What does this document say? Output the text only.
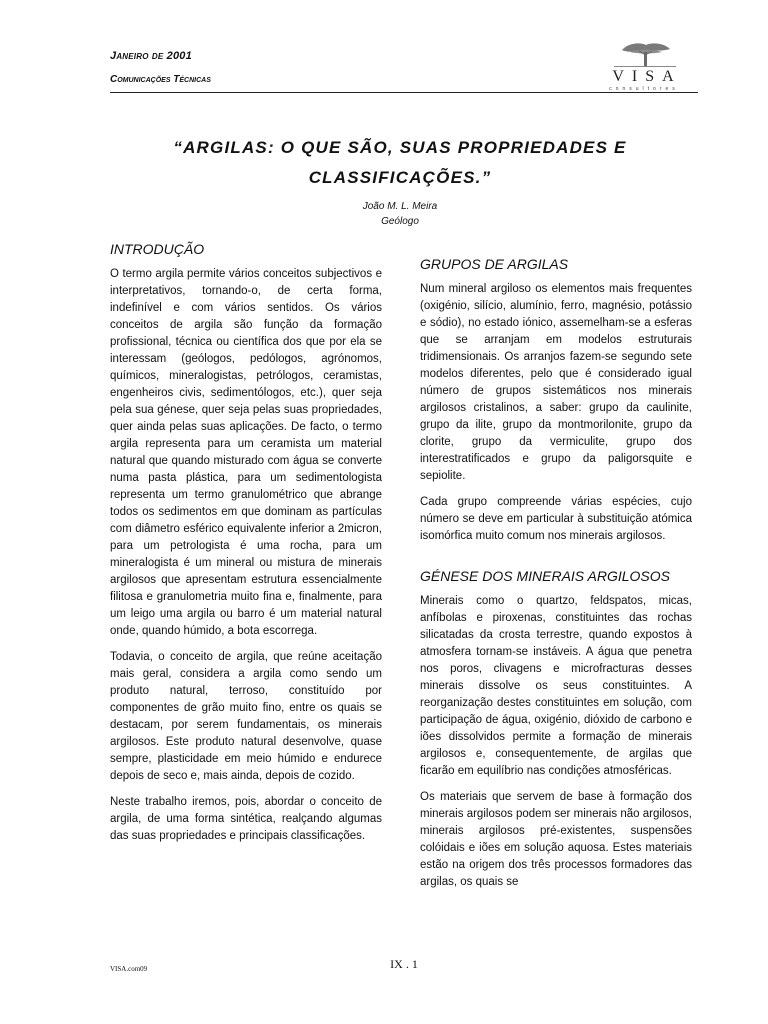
Janeiro de 2001
Comunicações Técnicas	VISA
consultores
“ARGILAS: O QUE SÃO, SUAS PROPRIEDADES E
CLASSIFICAÇÕES.”
João M. L. Meira
Geólogo
INTRODUÇÃO

O termo argila permite vários conceitos subjectivos e interpretativos, tornando-o, de certa forma, indefinível e com vários sentidos. Os vários conceitos de argila são função da formação profissional, técnica ou científica dos que por ela se interessam (geólogos, pedólogos, agrónomos, químicos, mineralogistas, petrólogos, ceramistas, engenheiros civis, sedimentólogos, etc.), quer seja pela sua génese, quer seja pelas suas propriedades, quer ainda pelas suas aplicações. De facto, o termo argila representa para um ceramista um material natural que quando misturado com água se converte numa pasta plástica, para um sedimentologista representa um termo granulométrico que abrange todos os sedimentos em que dominam as partículas com diâmetro esférico equivalente inferior a 2micron, para um petrologista é uma rocha, para um mineralogista é um mineral ou mistura de minerais argilosos que apresentam estrutura essencialmente filitosa e granulometria muito fina e, finalmente, para um leigo uma argila ou barro é um material natural onde, quando húmido, a bota escorrega.

Todavia, o conceito de argila, que reúne aceitação mais geral, considera a argila como sendo um produto natural, terroso, constituído por componentes de grão muito fino, entre os quais se destacam, por serem fundamentais, os minerais argilosos. Este produto natural desenvolve, quase sempre, plasticidade em meio húmido e endurece depois de seco e, mais ainda, depois de cozido.

Neste trabalho iremos, pois, abordar o conceito de argila, de uma forma sintética, realçando algumas das suas propriedades e principais classificações.

GRUPOS DE ARGILAS

Num mineral argiloso os elementos mais frequentes (oxigénio, silício, alumínio, ferro, magnésio, potássio e sódio), no estado iónico, assemelham-se a esferas que se arranjam em modelos estruturais tridimensionais. Os arranjos fazem-se segundo sete modelos diferentes, pelo que é considerado igual número de grupos sistemáticos nos minerais argilosos cristalinos, a saber: grupo da caulinite, grupo da ilite, grupo da montmorilonite, grupo da clorite, grupo da vermiculite, grupo dos interestratificados e grupo da paligorsquite e sepiolite.

Cada grupo compreende várias espécies, cujo número se deve em particular à substituição atómica isomórfica muito comum nos minerais argilosos.

GÉNESE DOS MINERAIS ARGILOSOS

Minerais como o quartzo, feldspatos, micas, anfíbolas e piroxenas, constituintes das rochas silicatadas da crosta terrestre, quando expostos à atmosfera tornam-se instáveis. A água que penetra nos poros, clivagens e microfracturas desses minerais dissolve os seus constituintes. A reorganização destes constituintes em solução, com participação de água, oxigénio, dióxido de carbono e iões dissolvidos permite a formação de minerais argilosos e, consequentemente, de argilas que ficarão em equilíbrio nas condições atmosféricas.

Os materiais que servem de base à formação dos minerais argilosos podem ser minerais não argilosos, minerais argilosos pré-existentes, suspensões colóidais e iões em solução aquosa. Estes materiais estão na origem dos três processos formadores das argilas, os quais se

VISA.com09	IX . 1
